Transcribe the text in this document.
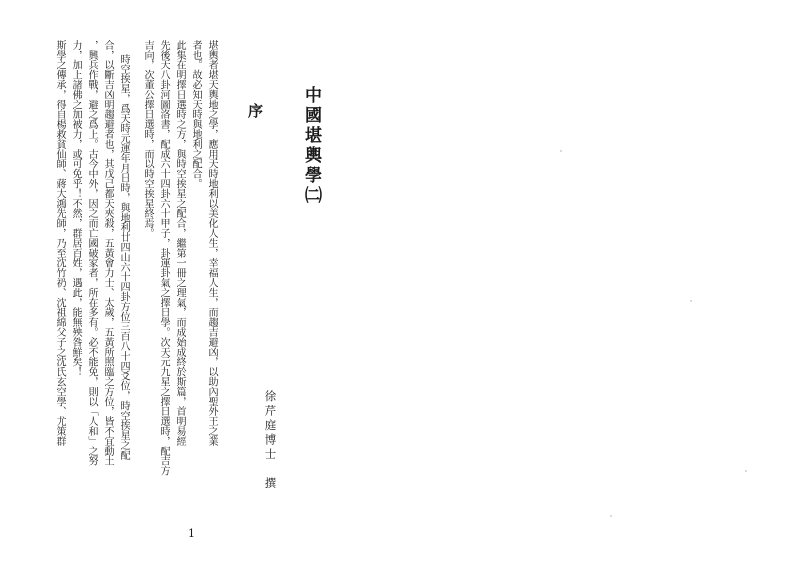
中國堪輿學㈡
序
徐芹庭博士　撰
堪輿者堪天輿地之學，應用天時地利以美化人生，幸福人生，而趨吉避凶，以助內聖外王之業
者也。故必知天時與地利之配合。
此集在明擇日選時之方，與時空挨星之配合，繼第一冊之理氣，而成始成終於斯篇，首明易經
先後天八卦河圖洛書，配成六十四卦六十甲子，卦運卦氣之擇日學。次天元九星之擇日選時，配吉方
吉向，次董公擇日選時，而以時空挨星終焉。
時空挨星，爲天時元運年月日時，與地利廿四山六十四卦方位三百八十四爻位，時空挨星之配
合，以斷吉凶明趨避者也，其戊己都天夾殺，五黃會力士、太歲，五黃所照臨之方位，皆不宜動土
，興兵作戰，避之爲上。古今中外，因之而亡國破家者，所在多有。必不能免，則以「人和」之努
力，加上諸佛之加被力，或可免乎！不然，群居百姓，遇此，能無殃咎鮮矣！
斯學之傳承，得自楊救貧仙師、蔣大鴻先師，乃至沈竹礽、沈祖綿父子之沈氏玄空學、尤策群
1
